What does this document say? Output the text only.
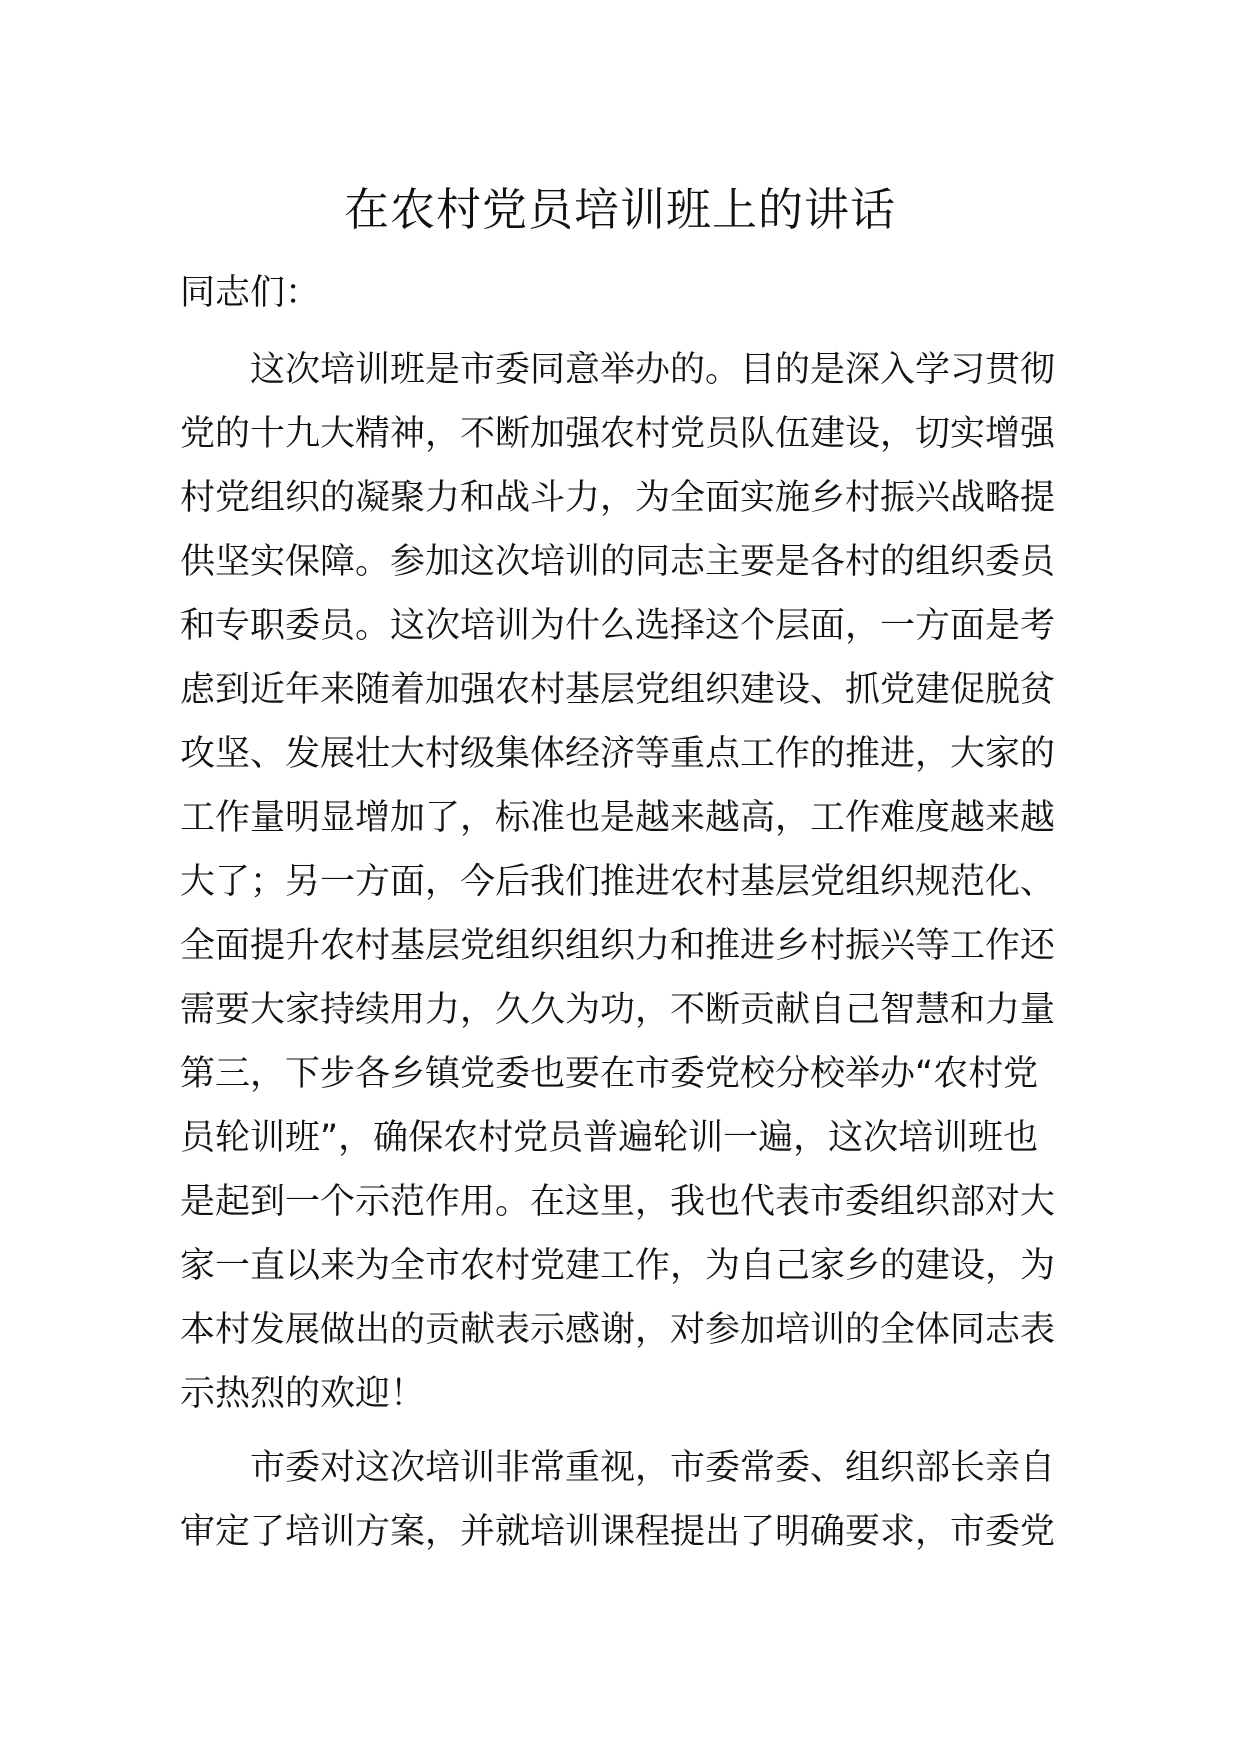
在农村党员培训班上的讲话
同志们：
这次培训班是市委同意举办的。目的是深入学习贯彻
党的十九大精神，不断加强农村党员队伍建设，切实增强
村党组织的凝聚力和战斗力，为全面实施乡村振兴战略提
供坚实保障。参加这次培训的同志主要是各村的组织委员
和专职委员。这次培训为什么选择这个层面，一方面是考
虑到近年来随着加强农村基层党组织建设、抓党建促脱贫
攻坚、发展壮大村级集体经济等重点工作的推进，大家的
工作量明显增加了，标准也是越来越高，工作难度越来越
大了；另一方面，今后我们推进农村基层党组织规范化、
全面提升农村基层党组织组织力和推进乡村振兴等工作还
需要大家持续用力，久久为功，不断贡献自己智慧和力量
第三，下步各乡镇党委也要在市委党校分校举办“农村党
员轮训班”，确保农村党员普遍轮训一遍，这次培训班也
是起到一个示范作用。在这里，我也代表市委组织部对大
家一直以来为全市农村党建工作，为自己家乡的建设，为
本村发展做出的贡献表示感谢，对参加培训的全体同志表
示热烈的欢迎！
市委对这次培训非常重视，市委常委、组织部长亲自
审定了培训方案，并就培训课程提出了明确要求，市委党
